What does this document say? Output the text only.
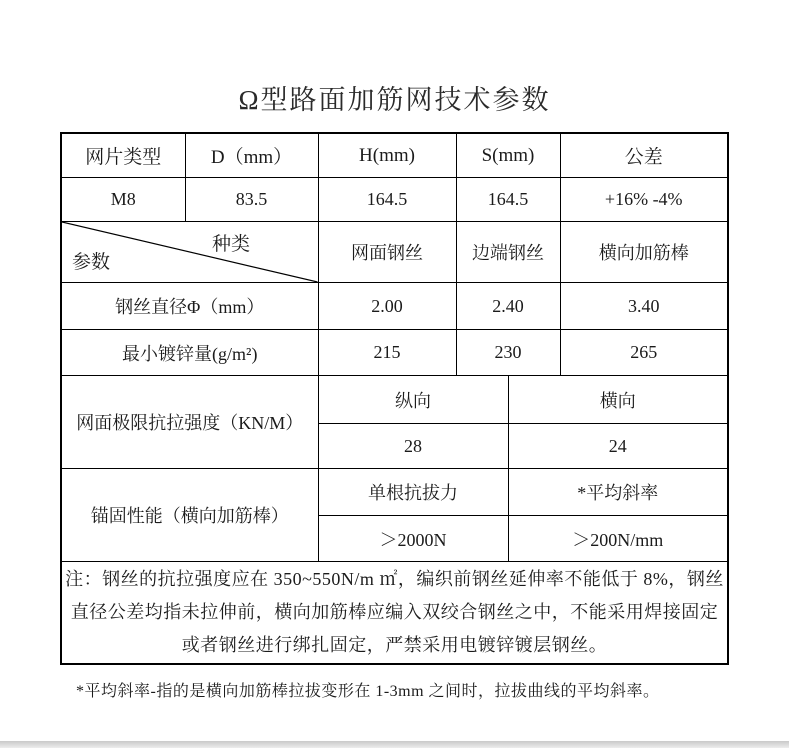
Ω型路面加筋网技术参数
网片类型	D（mm）	H(mm)	S(mm)		公差
M8	83.5	164.5	164.5		+16% -4%

种类
参数		网面钢丝	边端钢丝		横向加筋棒
钢丝直径Φ（mm）		2.00	2.40		3.40
最小镀锌量(g/m²)		215	230		265
网面极限抗拉强度（KN/M）		纵向		横向	
		28		24	
锚固性能（横向加筋棒）		单根抗拔力		*平均斜率	
		＞2000N		＞200N/mm	
注：钢丝的抗拉强度应在 350~550N/m ㎡，编织前钢丝延伸率不能低于 8%，钢丝直径公差均指未拉伸前，横向加筋棒应编入双绞合钢丝之中，不能采用焊接固定或者钢丝进行绑扎固定，严禁采用电镀锌镀层钢丝。					
*平均斜率-指的是横向加筋棒拉拔变形在 1-3mm 之间时，拉拔曲线的平均斜率。
